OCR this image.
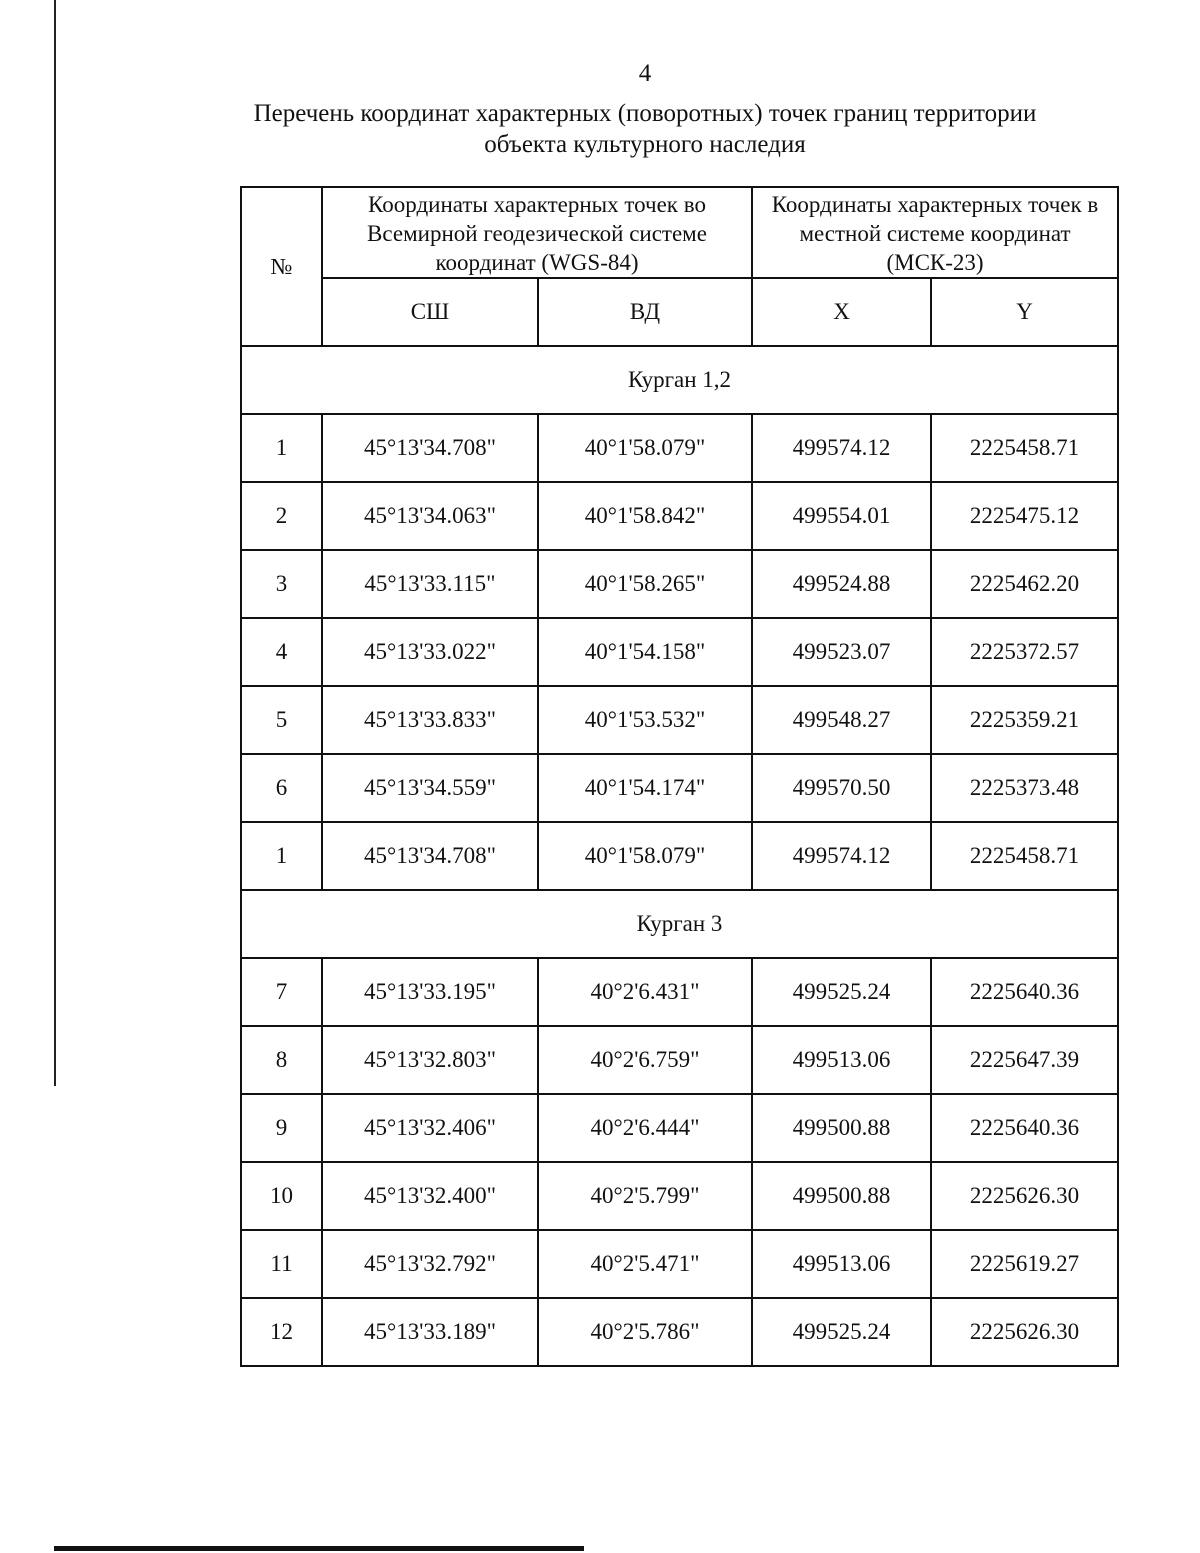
4
Перечень координат характерных (поворотных) точек границ территории
объекта культурного наследия
№	Координаты характерных точек во Всемирной геодезической системе координат (WGS-84)		Координаты характерных точек в местной системе координат (МСК-23)	
	СШ	ВД	Х	Y
Курган 1,2				
1	45°13'34.708"	40°1'58.079"	499574.12	2225458.71
2	45°13'34.063"	40°1'58.842"	499554.01	2225475.12
3	45°13'33.115"	40°1'58.265"	499524.88	2225462.20
4	45°13'33.022"	40°1'54.158"	499523.07	2225372.57
5	45°13'33.833"	40°1'53.532"	499548.27	2225359.21
6	45°13'34.559"	40°1'54.174"	499570.50	2225373.48
1	45°13'34.708"	40°1'58.079"	499574.12	2225458.71
Курган 3				
7	45°13'33.195"	40°2'6.431"	499525.24	2225640.36
8	45°13'32.803"	40°2'6.759"	499513.06	2225647.39
9	45°13'32.406"	40°2'6.444"	499500.88	2225640.36
10	45°13'32.400"	40°2'5.799"	499500.88	2225626.30
11	45°13'32.792"	40°2'5.471"	499513.06	2225619.27
12	45°13'33.189"	40°2'5.786"	499525.24	2225626.30
